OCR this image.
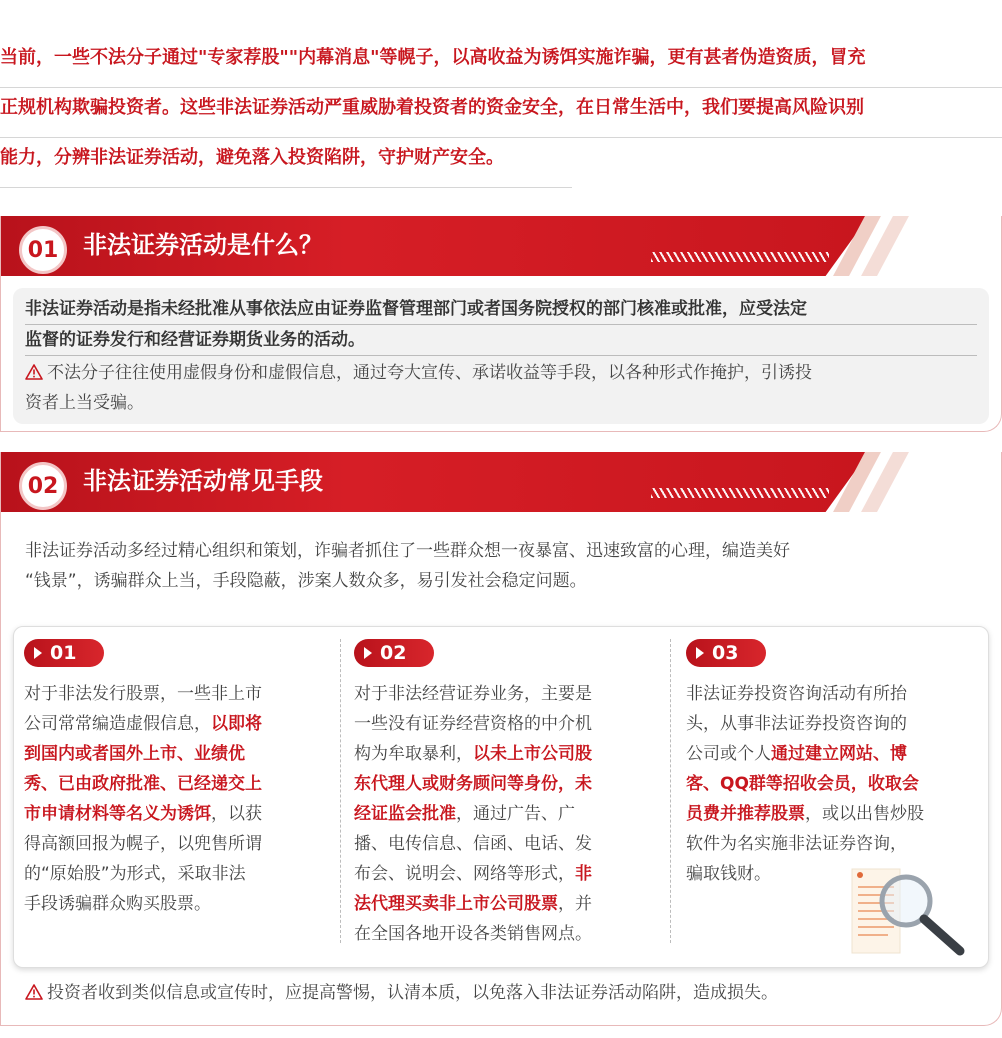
当前，一些不法分子通过"专家荐股""内幕消息"等幌子，以高收益为诱饵实施诈骗，更有甚者伪造资质，冒充
正规机构欺骗投资者。这些非法证券活动严重威胁着投资者的资金安全，在日常生活中，我们要提高风险识别
能力，分辨非法证券活动，避免落入投资陷阱，守护财产安全。
01	非法证券活动是什么？
非法证券活动是指未经批准从事依法应由证券监督管理部门或者国务院授权的部门核准或批准，应受法定
监督的证券发行和经营证券期货业务的活动。
不法分子往往使用虚假身份和虚假信息，通过夸大宣传、承诺收益等手段，以各种形式作掩护，引诱投
资者上当受骗。
02	非法证券活动常见手段
非法证券活动多经过精心组织和策划，诈骗者抓住了一些群众想一夜暴富、迅速致富的心理，编造美好
“钱景”，诱骗群众上当，手段隐蔽，涉案人数众多，易引发社会稳定问题。
01
对于非法发行股票，一些非上市
公司常常编造虚假信息，以即将
到国内或者国外上市、业绩优
秀、已由政府批准、已经递交上
市申请材料等名义为诱饵，以获
得高额回报为幌子，以兜售所谓
的“原始股”为形式，采取非法
手段诱骗群众购买股票。
02
对于非法经营证券业务，主要是
一些没有证券经营资格的中介机
构为牟取暴利，以未上市公司股
东代理人或财务顾问等身份，未
经证监会批准，通过广告、广
播、电传信息、信函、电话、发
布会、说明会、网络等形式，非
法代理买卖非上市公司股票，并
在全国各地开设各类销售网点。
03
非法证券投资咨询活动有所抬
头，从事非法证券投资咨询的
公司或个人通过建立网站、博
客、QQ群等招收会员，收取会
员费并推荐股票，或以出售炒股
软件为名实施非法证券咨询，
骗取钱财。
投资者收到类似信息或宣传时，应提高警惕，认清本质，以免落入非法证券活动陷阱，造成损失。
